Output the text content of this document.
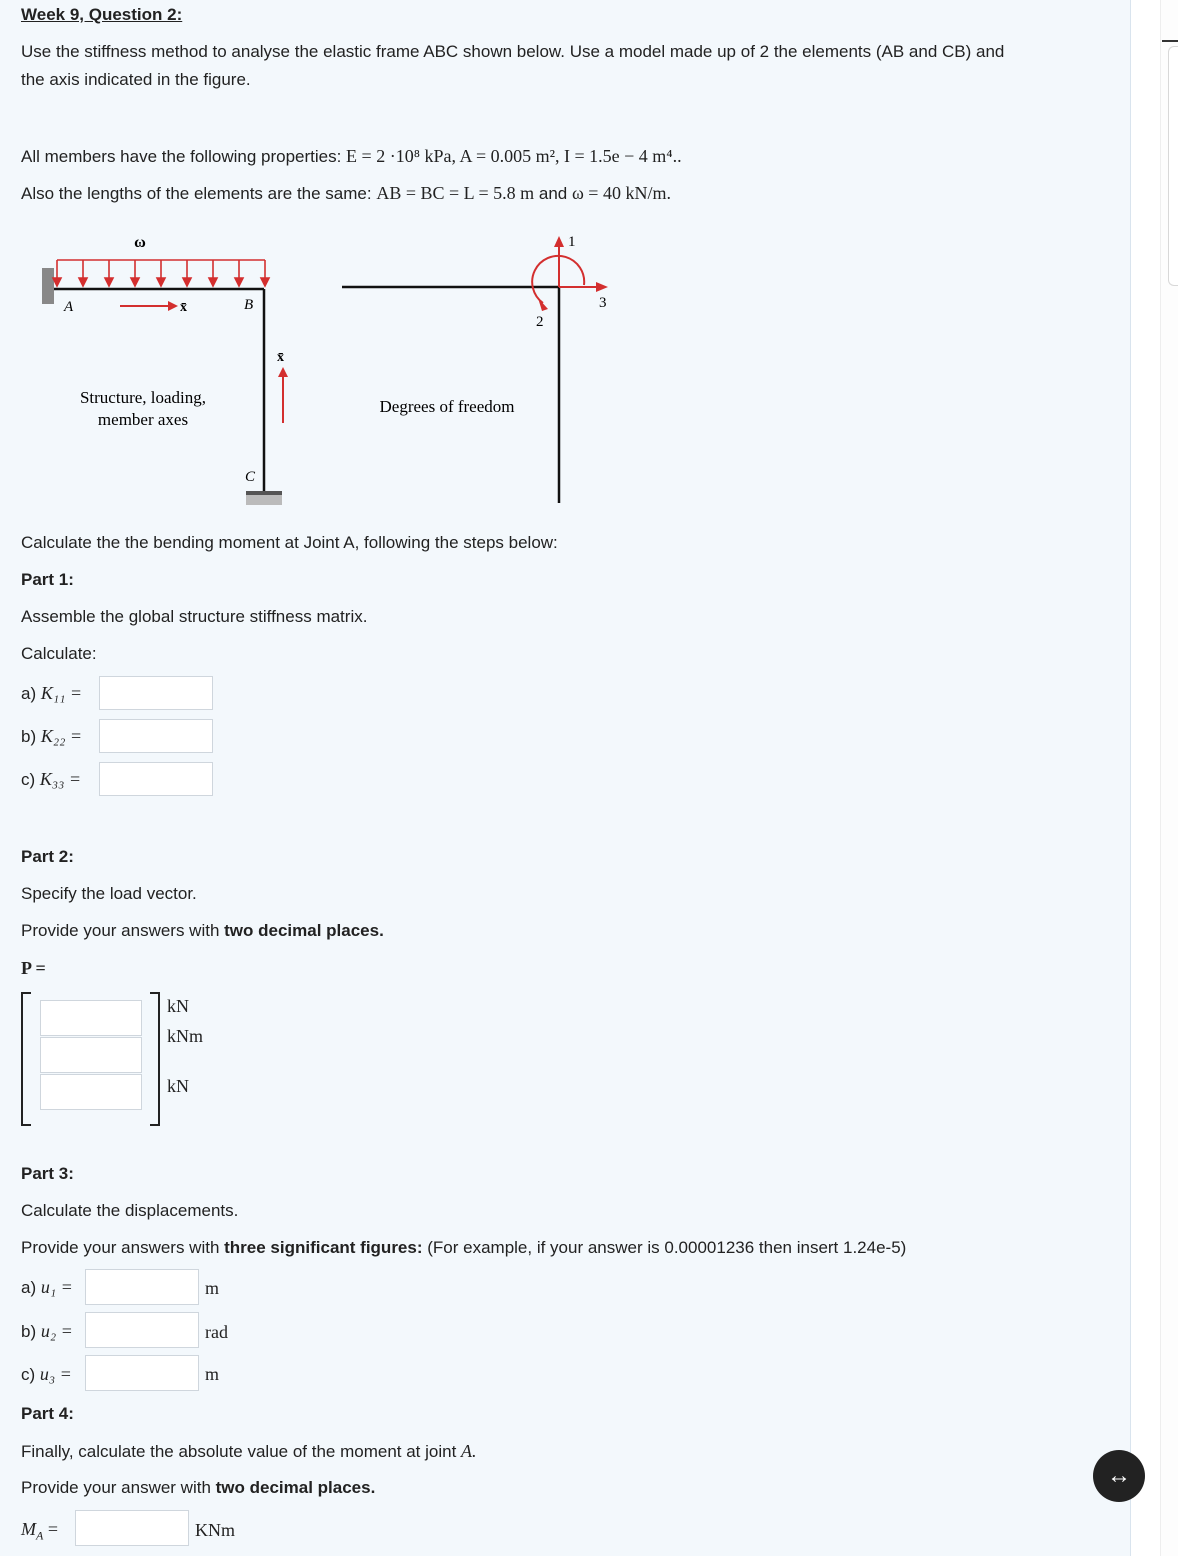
Week 9, Question 2:
Use the stiffness method to analyse the elastic frame ABC shown below. Use a model made up of 2 the elements (AB and CB) and
the axis indicated in the figure.
All members have the following properties: E = 2 ·10⁸ kPa, A = 0.005 m², I = 1.5e − 4 m⁴..
Also the lengths of the elements are the same: AB = BC = L = 5.8 m and ω = 40 kN/m.
ω
A	B
C
x̄
x̄
Structure, loading,
member axes
1
3
2
Degrees of freedom
Calculate the the bending moment at Joint A, following the steps below:
Part 1:
Assemble the global structure stiffness matrix.
Calculate:
a) K₁₁ =
b) K₂₂ =
c) K₃₃ =
Part 2:
Specify the load vector.
Provide your answers with two decimal places.
P =
kN
kNm
kN
Part 3:
Calculate the displacements.
Provide your answers with three significant figures: (For example, if your answer is 0.00001236 then insert 1.24e-5)
a) u₁ =	m
b) u₂ =	rad
c) u₃ =	m
Part 4:
Finally, calculate the absolute value of the moment at joint A.
Provide your answer with two decimal places.
$M_A$ =	KNm
↔
